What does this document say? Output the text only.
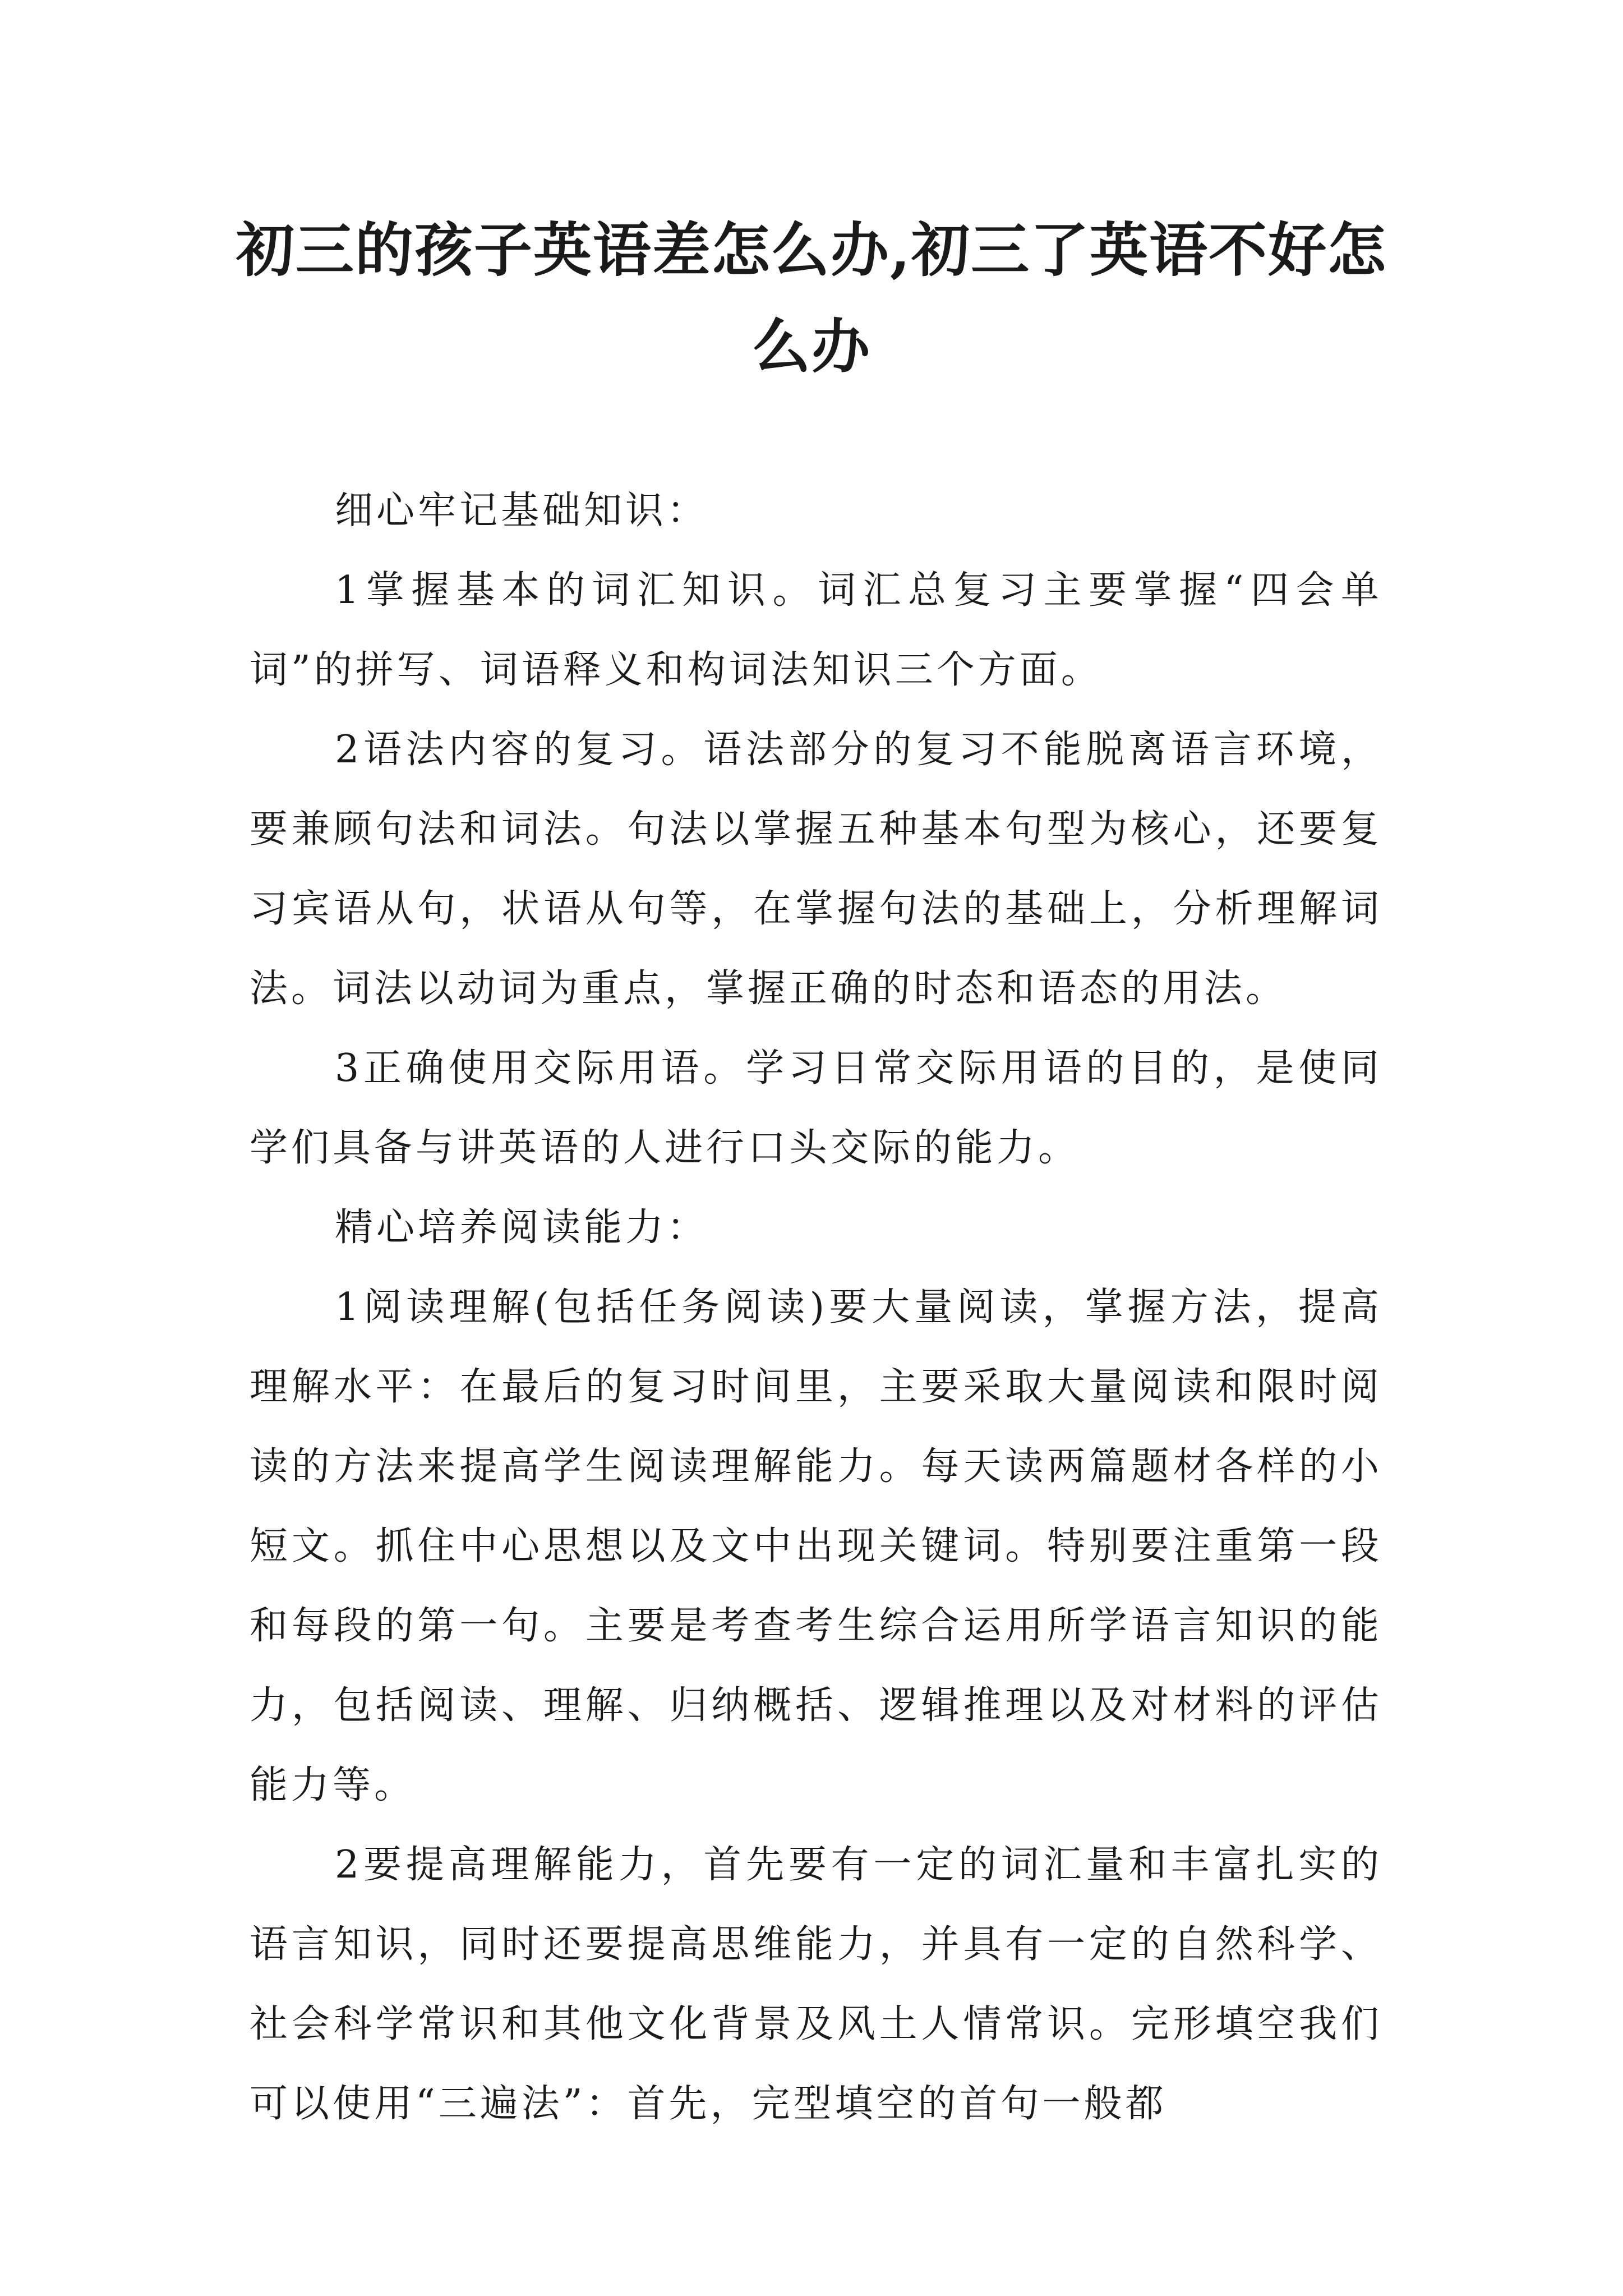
初三的孩子英语差怎么办,初三了英语不好怎么办

细心牢记基础知识：

1掌握基本的词汇知识。词汇总复习主要掌握“四会单词”的拼写、词语释义和构词法知识三个方面。

2语法内容的复习。语法部分的复习不能脱离语言环境，要兼顾句法和词法。句法以掌握五种基本句型为核心，还要复习宾语从句，状语从句等，在掌握句法的基础上，分析理解词法。词法以动词为重点，掌握正确的时态和语态的用法。

3正确使用交际用语。学习日常交际用语的目的，是使同学们具备与讲英语的人进行口头交际的能力。

精心培养阅读能力：

1阅读理解(包括任务阅读)要大量阅读，掌握方法，提高理解水平：在最后的复习时间里，主要采取大量阅读和限时阅读的方法来提高学生阅读理解能力。每天读两篇题材各样的小短文。抓住中心思想以及文中出现关键词。特别要注重第一段和每段的第一句。主要是考查考生综合运用所学语言知识的能力，包括阅读、理解、归纳概括、逻辑推理以及对材料的评估能力等。

2要提高理解能力，首先要有一定的词汇量和丰富扎实的语言知识，同时还要提高思维能力，并具有一定的自然科学、社会科学常识和其他文化背景及风土人情常识。完形填空我们可以使用“三遍法”：首先，完型填空的首句一般都
